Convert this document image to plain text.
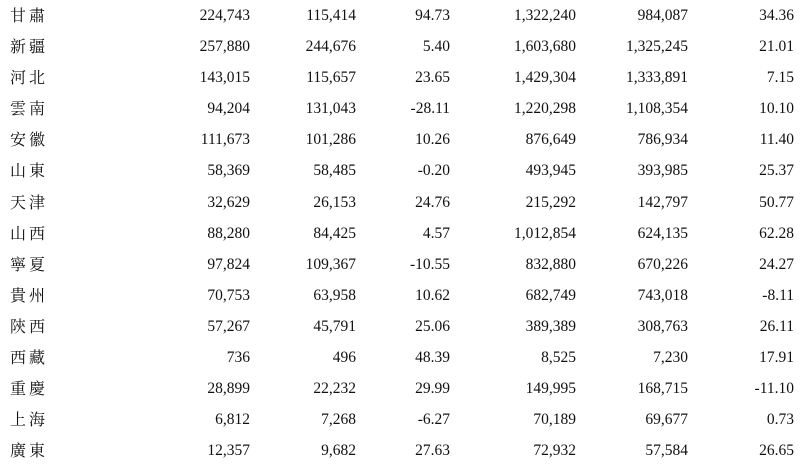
甘肅	224,743	115,414	94.73	1,322,240	984,087	34.36
新疆	257,880	244,676	5.40	1,603,680	1,325,245	21.01
河北	143,015	115,657	23.65	1,429,304	1,333,891	7.15
雲南	94,204	131,043	-28.11	1,220,298	1,108,354	10.10
安徽	111,673	101,286	10.26	876,649	786,934	11.40
山東	58,369	58,485	-0.20	493,945	393,985	25.37
天津	32,629	26,153	24.76	215,292	142,797	50.77
山西	88,280	84,425	4.57	1,012,854	624,135	62.28
寧夏	97,824	109,367	-10.55	832,880	670,226	24.27
貴州	70,753	63,958	10.62	682,749	743,018	-8.11
陝西	57,267	45,791	25.06	389,389	308,763	26.11
西藏	736	496	48.39	8,525	7,230	17.91
重慶	28,899	22,232	29.99	149,995	168,715	-11.10
上海	6,812	7,268	-6.27	70,189	69,677	0.73
廣東	12,357	9,682	27.63	72,932	57,584	26.65
